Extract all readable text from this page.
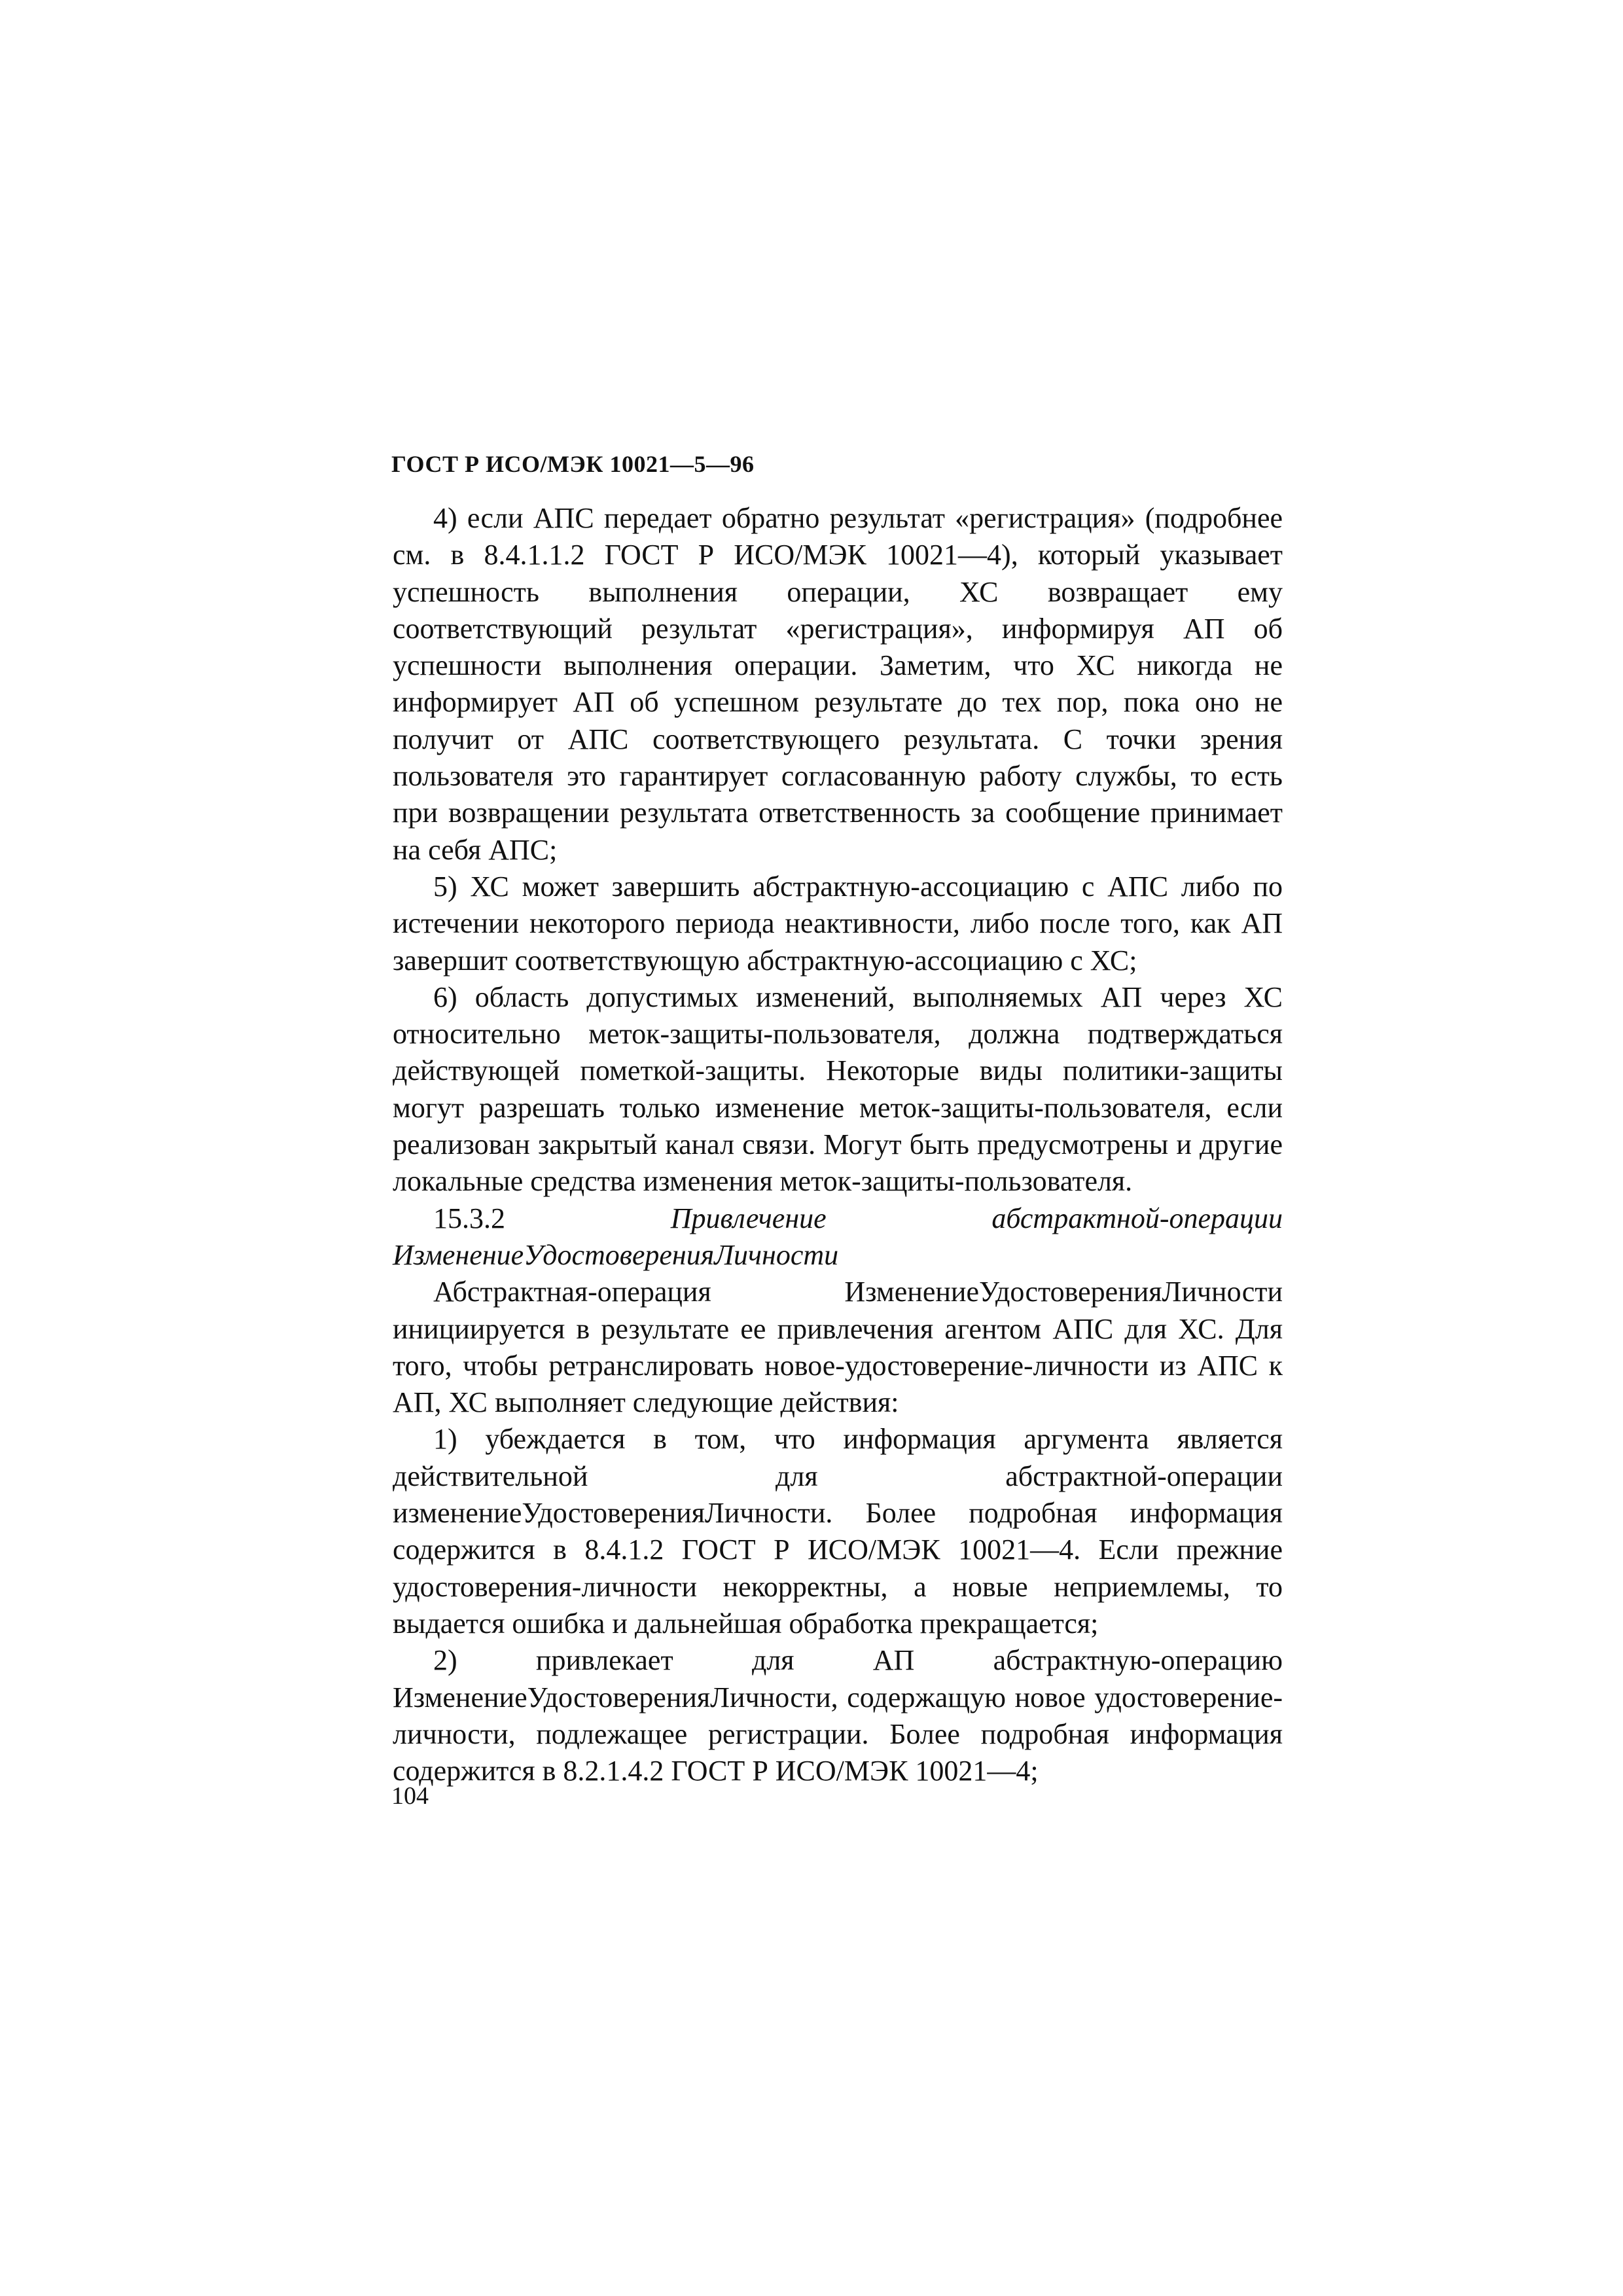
ГОСТ Р ИСО/МЭК 10021—5—96

4) если АПС передает обратно результат «регистрация» (подробнее см. в 8.4.1.1.2 ГОСТ Р ИСО/МЭК 10021—4), который указывает успешность выполнения операции, ХС возвращает ему соответствующий результат «регистрация», информируя АП об успешности выполнения операции. Заметим, что ХС никогда не информирует АП об успешном результате до тех пор, пока оно не получит от АПС соответствующего результата. С точки зрения пользователя это гарантирует согласованную работу службы, то есть при возвращении результата ответственность за сообщение принимает на себя АПС;

5) ХС может завершить абстрактную-ассоциацию с АПС либо по истечении некоторого периода неактивности, либо после того, как АП завершит соответствующую абстрактную-ассоциацию с ХС;

6) область допустимых изменений, выполняемых АП через ХС относительно меток-защиты-пользователя, должна подтверждаться действующей пометкой-защиты. Некоторые виды политики-защиты могут разрешать только изменение меток-защиты-пользователя, если реализован закрытый канал связи. Могут быть предусмотрены и другие локальные средства изменения меток-защиты-пользователя.

15.3.2	Привлечение абстрактной-операции ИзменениеУдостоверенияЛичности

Абстрактная-операция ИзменениеУдостоверенияЛичности инициируется в результате ее привлечения агентом АПС для ХС. Для того, чтобы ретранслировать новое-удостоверение-личности из АПС к АП, ХС выполняет следующие действия:

1) убеждается в том, что информация аргумента является действительной для абстрактной-операции изменениеУдостоверенияЛичности. Более подробная информация содержится в 8.4.1.2 ГОСТ Р ИСО/МЭК 10021—4. Если прежние удостоверения-личности некорректны, а новые неприемлемы, то выдается ошибка и дальнейшая обработка прекращается;

2) привлекает для АП абстрактную-операцию ИзменениеУдостоверенияЛичности, содержащую новое удостоверение-личности, подлежащее регистрации. Более подробная информация содержится в 8.2.1.4.2 ГОСТ Р ИСО/МЭК 10021—4;

104
